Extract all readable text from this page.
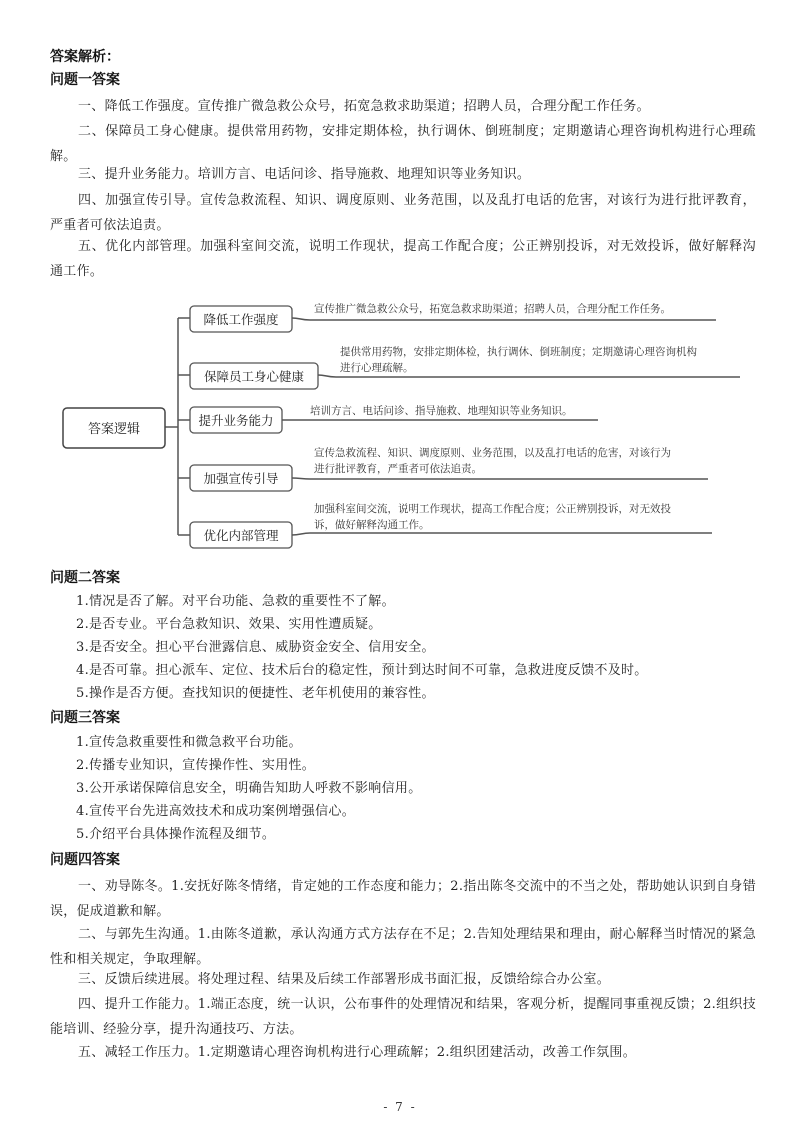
答案解析：
问题一答案

一、降低工作强度。宣传推广微急救公众号，拓宽急救求助渠道；招聘人员，合理分配工作任务。

二、保障员工身心健康。提供常用药物，安排定期体检，执行调休、倒班制度；定期邀请心理咨询机构进行心理疏解。

三、提升业务能力。培训方言、电话问诊、指导施救、地理知识等业务知识。

四、加强宣传引导。宣传急救流程、知识、调度原则、业务范围，以及乱打电话的危害，对该行为进行批评教育，严重者可依法追责。

五、优化内部管理。加强科室间交流，说明工作现状，提高工作配合度；公正辨别投诉，对无效投诉，做好解释沟通工作。

答案逻辑
降低工作强度
保障员工身心健康
提升业务能力
加强宣传引导
优化内部管理
宣传推广微急救公众号，拓宽急救求助渠道；招聘人员，合理分配工作任务。
提供常用药物，安排定期体检，执行调休、倒班制度；定期邀请心理咨询机构
进行心理疏解。
培训方言、电话问诊、指导施救、地理知识等业务知识。
宣传急救流程、知识、调度原则、业务范围，以及乱打电话的危害，对该行为
进行批评教育，严重者可依法追责。
加强科室间交流，说明工作现状，提高工作配合度；公正辨别投诉，对无效投
诉，做好解释沟通工作。
问题二答案

1.情况是否了解。对平台功能、急救的重要性不了解。

2.是否专业。平台急救知识、效果、实用性遭质疑。

3.是否安全。担心平台泄露信息、威胁资金安全、信用安全。

4.是否可靠。担心派车、定位、技术后台的稳定性，预计到达时间不可靠，急救进度反馈不及时。

5.操作是否方便。查找知识的便捷性、老年机使用的兼容性。

问题三答案

1.宣传急救重要性和微急救平台功能。

2.传播专业知识，宣传操作性、实用性。

3.公开承诺保障信息安全，明确告知助人呼救不影响信用。

4.宣传平台先进高效技术和成功案例增强信心。

5.介绍平台具体操作流程及细节。

问题四答案

一、劝导陈冬。1.安抚好陈冬情绪，肯定她的工作态度和能力；2.指出陈冬交流中的不当之处，帮助她认识到自身错误，促成道歉和解。

二、与郭先生沟通。1.由陈冬道歉，承认沟通方式方法存在不足；2.告知处理结果和理由，耐心解释当时情况的紧急性和相关规定，争取理解。

三、反馈后续进展。将处理过程、结果及后续工作部署形成书面汇报，反馈给综合办公室。

四、提升工作能力。1.端正态度，统一认识，公布事件的处理情况和结果，客观分析，提醒同事重视反馈；2.组织技能培训、经验分享，提升沟通技巧、方法。

五、减轻工作压力。1.定期邀请心理咨询机构进行心理疏解；2.组织团建活动，改善工作氛围。

- 7 -
